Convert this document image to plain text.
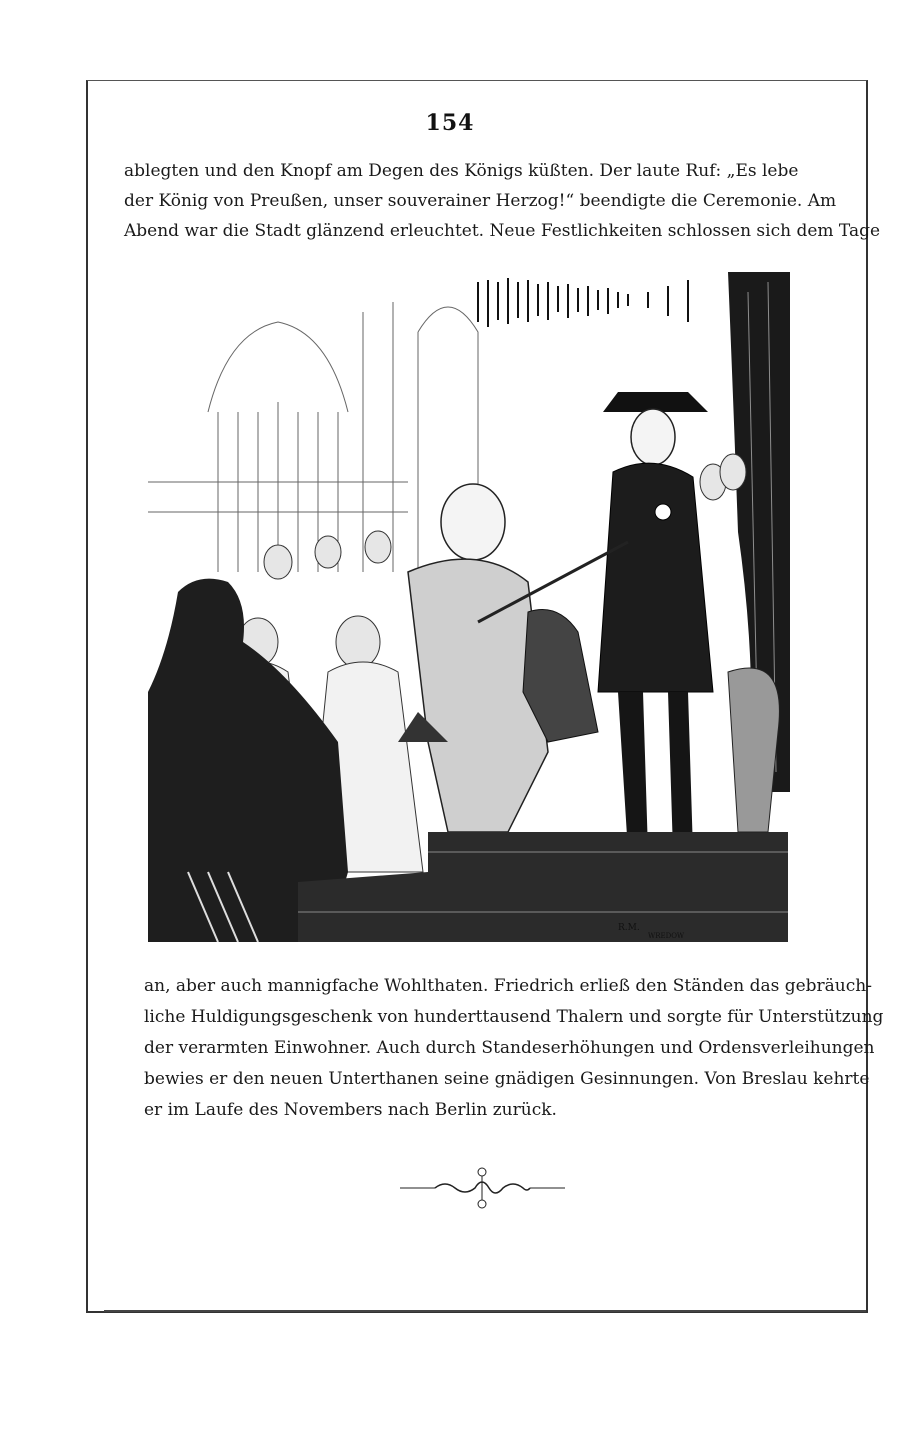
154
ablegten und den Knopf am Degen des Königs küßten. Der laute Ruf: „Es lebe
der König von Preußen, unser souverainer Herzog!“ beendigte die Ceremonie. Am
Abend war die Stadt glänzend erleuchtet. Neue Festlichkeiten schlossen sich dem Tage
R.M.
WREDOW
an, aber auch mannigfache Wohlthaten. Friedrich erließ den Ständen das gebräuch-
liche Huldigungsgeschenk von hunderttausend Thalern und sorgte für Unterstützung
der verarmten Einwohner. Auch durch Standeserhöhungen und Ordensverleihungen
bewies er den neuen Unterthanen seine gnädigen Gesinnungen. Von Breslau kehrte
er im Laufe des Novembers nach Berlin zurück.
